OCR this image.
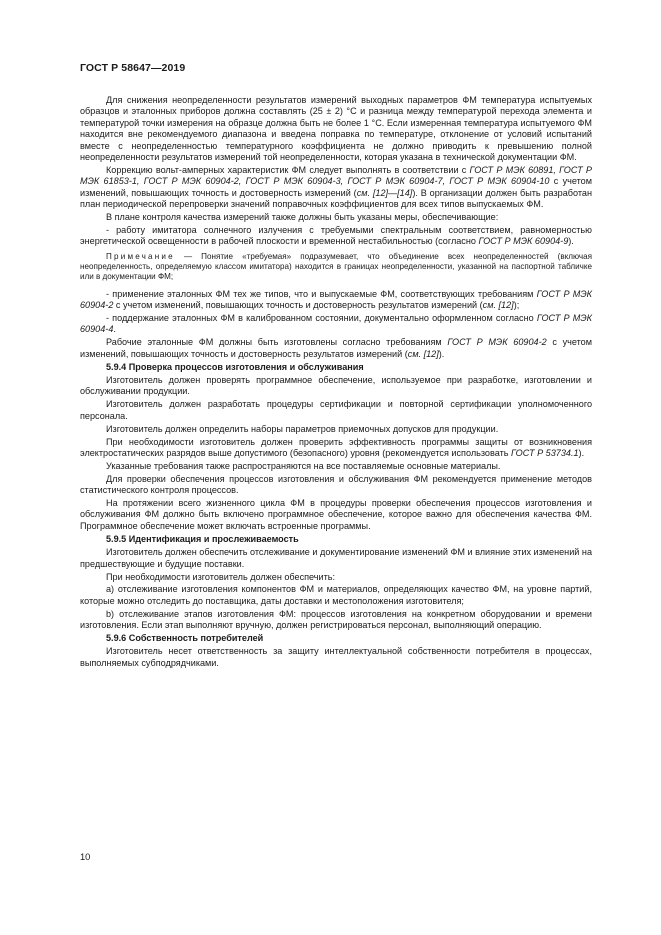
ГОСТ Р 58647—2019

Для снижения неопределенности результатов измерений выходных параметров ФМ температура испытуемых образцов и эталонных приборов должна составлять (25 ± 2) °С и разница между температурой перехода элемента и температурой точки измерения на образце должна быть не более 1 °С. Если измеренная температура испытуемого ФМ находится вне рекомендуемого диапазона и введена поправка по температуре, отклонение от условий испытаний вместе с неопределенностью температурного коэффициента не должно приводить к превышению полной неопределенности результатов измерений той неопределенности, которая указана в технической документации ФМ.

Коррекцию вольт-амперных характеристик ФМ следует выполнять в соответствии с ГОСТ Р МЭК 60891, ГОСТ Р МЭК 61853-1, ГОСТ Р МЭК 60904-2, ГОСТ Р МЭК 60904-3, ГОСТ Р МЭК 60904-7, ГОСТ Р МЭК 60904-10 с учетом изменений, повышающих точность и достоверность измерений (см. [12]—[14]). В организации должен быть разработан план периодической перепроверки значений поправочных коэффициентов для всех типов выпускаемых ФМ.

В плане контроля качества измерений также должны быть указаны меры, обеспечивающие:

- работу имитатора солнечного излучения с требуемыми спектральным соответствием, равномерностью энергетической освещенности в рабочей плоскости и временной нестабильностью (согласно ГОСТ Р МЭК 60904-9).

Примечание — Понятие «требуемая» подразумевает, что объединение всех неопределенностей (включая неопределенность, определяемую классом имитатора) находится в границах неопределенности, указанной на паспортной табличке или в документации ФМ;

- применение эталонных ФМ тех же типов, что и выпускаемые ФМ, соответствующих требованиям ГОСТ Р МЭК 60904-2 с учетом изменений, повышающих точность и достоверность результатов измерений (см. [12]);

- поддержание эталонных ФМ в калиброванном состоянии, документально оформленном согласно ГОСТ Р МЭК 60904-4.

Рабочие эталонные ФМ должны быть изготовлены согласно требованиям ГОСТ Р МЭК 60904-2 с учетом изменений, повышающих точность и достоверность результатов измерений (см. [12]).

5.9.4 Проверка процессов изготовления и обслуживания

Изготовитель должен проверять программное обеспечение, используемое при разработке, изготовлении и обслуживании продукции.

Изготовитель должен разработать процедуры сертификации и повторной сертификации уполномоченного персонала.

Изготовитель должен определить наборы параметров приемочных допусков для продукции.

При необходимости изготовитель должен проверить эффективность программы защиты от возникновения электростатических разрядов выше допустимого (безопасного) уровня (рекомендуется использовать ГОСТ Р 53734.1).

Указанные требования также распространяются на все поставляемые основные материалы.

Для проверки обеспечения процессов изготовления и обслуживания ФМ рекомендуется применение методов статистического контроля процессов.

На протяжении всего жизненного цикла ФМ в процедуры проверки обеспечения процессов изготовления и обслуживания ФМ должно быть включено программное обеспечение, которое важно для обеспечения качества ФМ. Программное обеспечение может включать встроенные программы.

5.9.5 Идентификация и прослеживаемость

Изготовитель должен обеспечить отслеживание и документирование изменений ФМ и влияние этих изменений на предшествующие и будущие поставки.

При необходимости изготовитель должен обеспечить:

а) отслеживание изготовления компонентов ФМ и материалов, определяющих качество ФМ, на уровне партий, которые можно отследить до поставщика, даты доставки и местоположения изготовителя;

b) отслеживание этапов изготовления ФМ: процессов изготовления на конкретном оборудовании и времени изготовления. Если этап выполняют вручную, должен регистрироваться персонал, выполняющий операцию.

5.9.6 Собственность потребителей

Изготовитель несет ответственность за защиту интеллектуальной собственности потребителя в процессах, выполняемых субподрядчиками.

10
